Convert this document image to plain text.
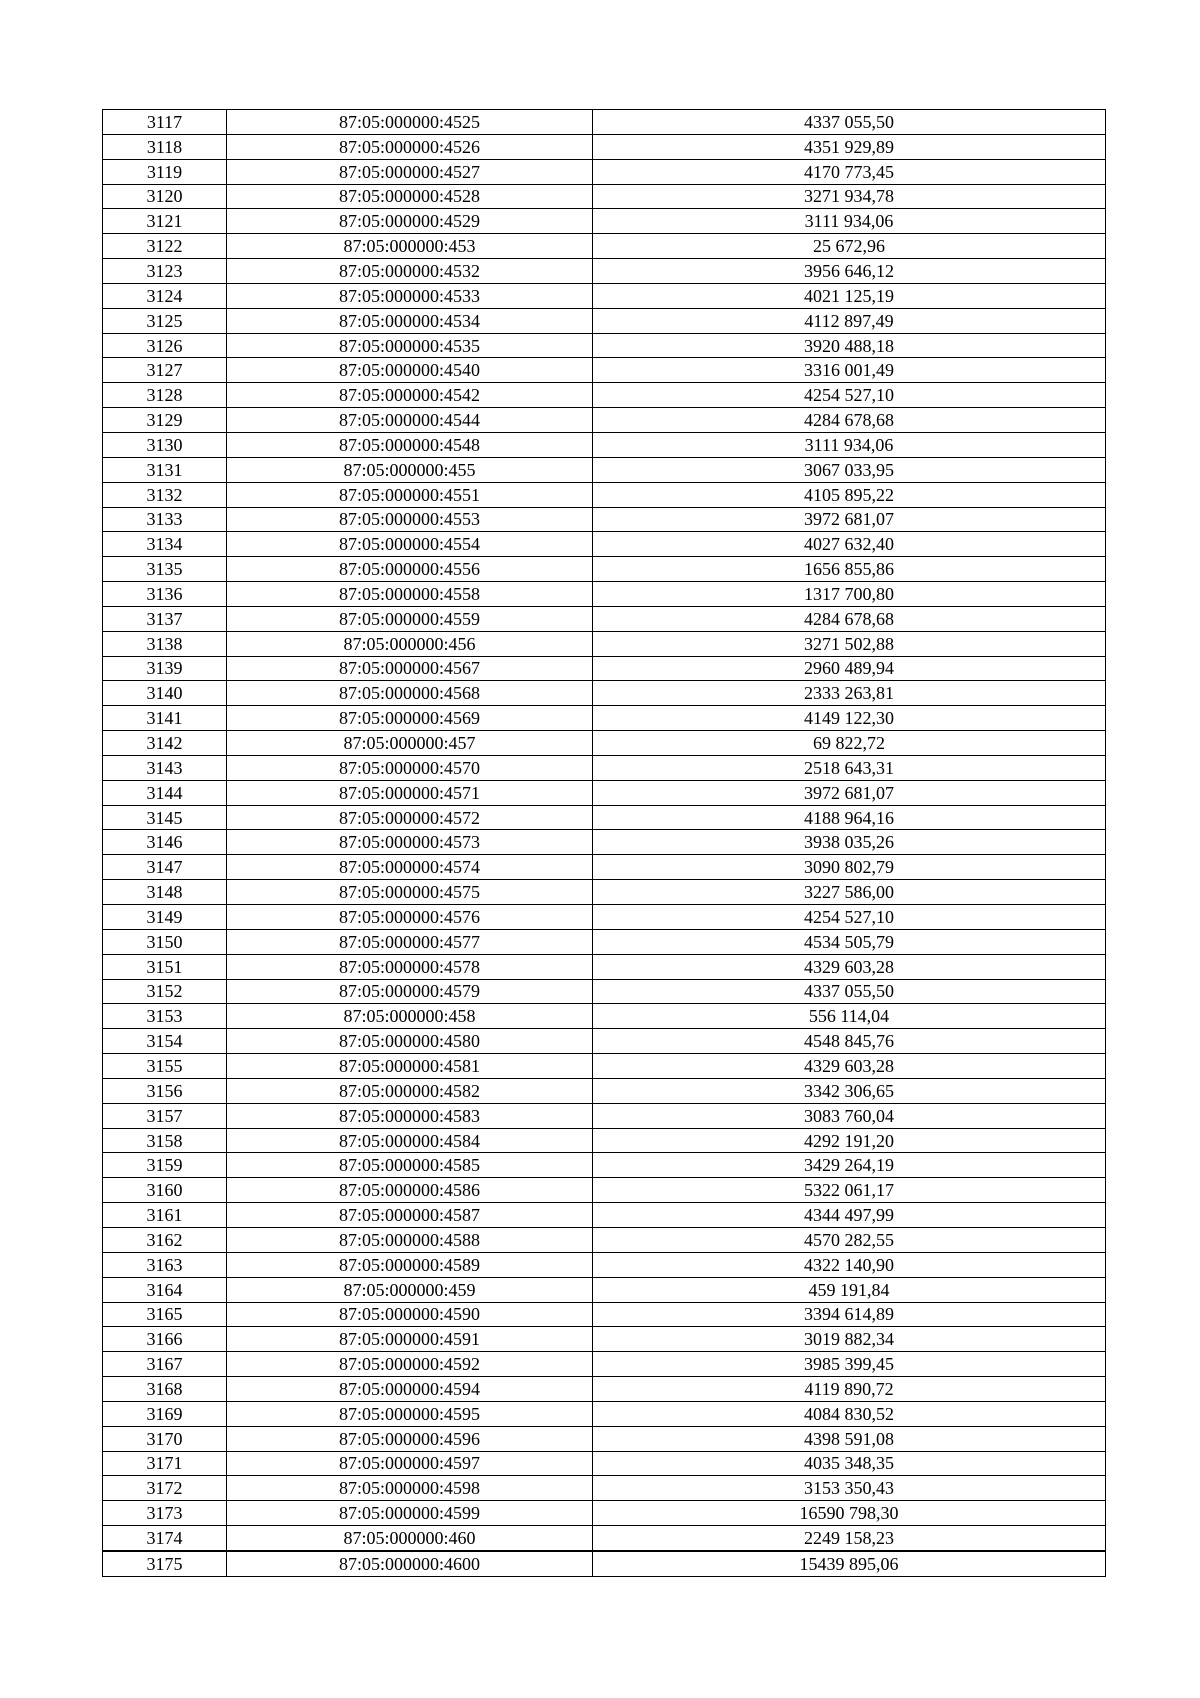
3117	87:05:000000:4525	4337 055,50
3118	87:05:000000:4526	4351 929,89
3119	87:05:000000:4527	4170 773,45
3120	87:05:000000:4528	3271 934,78
3121	87:05:000000:4529	3111 934,06
3122	87:05:000000:453	25 672,96
3123	87:05:000000:4532	3956 646,12
3124	87:05:000000:4533	4021 125,19
3125	87:05:000000:4534	4112 897,49
3126	87:05:000000:4535	3920 488,18
3127	87:05:000000:4540	3316 001,49
3128	87:05:000000:4542	4254 527,10
3129	87:05:000000:4544	4284 678,68
3130	87:05:000000:4548	3111 934,06
3131	87:05:000000:455	3067 033,95
3132	87:05:000000:4551	4105 895,22
3133	87:05:000000:4553	3972 681,07
3134	87:05:000000:4554	4027 632,40
3135	87:05:000000:4556	1656 855,86
3136	87:05:000000:4558	1317 700,80
3137	87:05:000000:4559	4284 678,68
3138	87:05:000000:456	3271 502,88
3139	87:05:000000:4567	2960 489,94
3140	87:05:000000:4568	2333 263,81
3141	87:05:000000:4569	4149 122,30
3142	87:05:000000:457	69 822,72
3143	87:05:000000:4570	2518 643,31
3144	87:05:000000:4571	3972 681,07
3145	87:05:000000:4572	4188 964,16
3146	87:05:000000:4573	3938 035,26
3147	87:05:000000:4574	3090 802,79
3148	87:05:000000:4575	3227 586,00
3149	87:05:000000:4576	4254 527,10
3150	87:05:000000:4577	4534 505,79
3151	87:05:000000:4578	4329 603,28
3152	87:05:000000:4579	4337 055,50
3153	87:05:000000:458	556 114,04
3154	87:05:000000:4580	4548 845,76
3155	87:05:000000:4581	4329 603,28
3156	87:05:000000:4582	3342 306,65
3157	87:05:000000:4583	3083 760,04
3158	87:05:000000:4584	4292 191,20
3159	87:05:000000:4585	3429 264,19
3160	87:05:000000:4586	5322 061,17
3161	87:05:000000:4587	4344 497,99
3162	87:05:000000:4588	4570 282,55
3163	87:05:000000:4589	4322 140,90
3164	87:05:000000:459	459 191,84
3165	87:05:000000:4590	3394 614,89
3166	87:05:000000:4591	3019 882,34
3167	87:05:000000:4592	3985 399,45
3168	87:05:000000:4594	4119 890,72
3169	87:05:000000:4595	4084 830,52
3170	87:05:000000:4596	4398 591,08
3171	87:05:000000:4597	4035 348,35
3172	87:05:000000:4598	3153 350,43
3173	87:05:000000:4599	16590 798,30
3174	87:05:000000:460	2249 158,23
3175	87:05:000000:4600	15439 895,06
